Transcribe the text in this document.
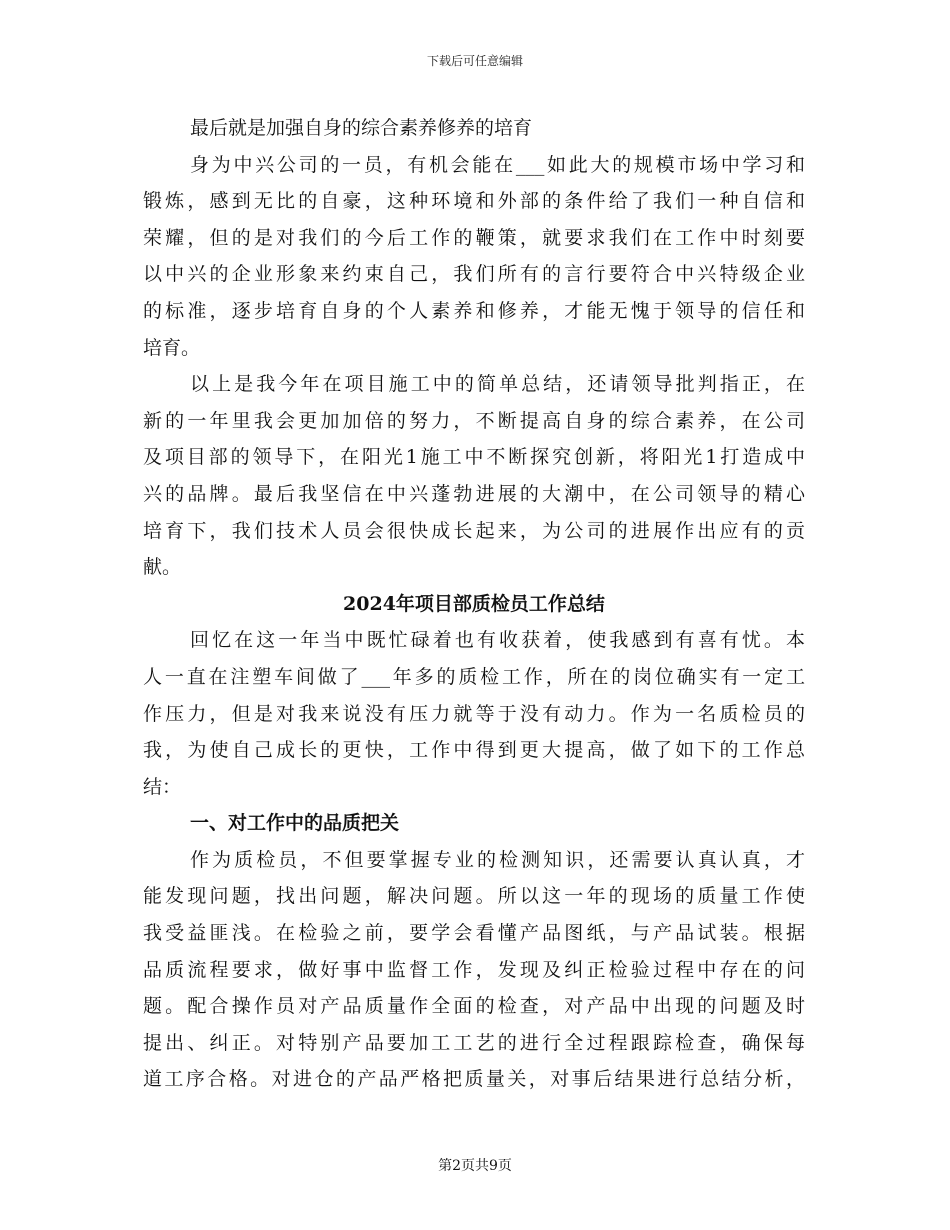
下载后可任意编辑
最后就是加强自身的综合素养修养的培育
身为中兴公司的一员，有机会能在___如此大的规模市场中学习和
锻炼，感到无比的自豪，这种环境和外部的条件给了我们一种自信和
荣耀，但的是对我们的今后工作的鞭策，就要求我们在工作中时刻要
以中兴的企业形象来约束自己，我们所有的言行要符合中兴特级企业
的标准，逐步培育自身的个人素养和修养，才能无愧于领导的信任和
培育。
以上是我今年在项目施工中的简单总结，还请领导批判指正，在
新的一年里我会更加加倍的努力，不断提高自身的综合素养，在公司
及项目部的领导下，在阳光1施工中不断探究创新，将阳光1打造成中
兴的品牌。最后我坚信在中兴蓬勃进展的大潮中，在公司领导的精心
培育下，我们技术人员会很快成长起来，为公司的进展作出应有的贡
献。
2024年项目部质检员工作总结
回忆在这一年当中既忙碌着也有收获着，使我感到有喜有忧。本
人一直在注塑车间做了___年多的质检工作，所在的岗位确实有一定工
作压力，但是对我来说没有压力就等于没有动力。作为一名质检员的
我，为使自己成长的更快，工作中得到更大提高，做了如下的工作总
结：
一、对工作中的品质把关
作为质检员，不但要掌握专业的检测知识，还需要认真认真，才
能发现问题，找出问题，解决问题。所以这一年的现场的质量工作使
我受益匪浅。在检验之前，要学会看懂产品图纸，与产品试装。根据
品质流程要求，做好事中监督工作，发现及纠正检验过程中存在的问
题。配合操作员对产品质量作全面的检查，对产品中出现的问题及时
提出、纠正。对特别产品要加工工艺的进行全过程跟踪检查，确保每
道工序合格。对进仓的产品严格把质量关，对事后结果进行总结分析，
第2页共9页
